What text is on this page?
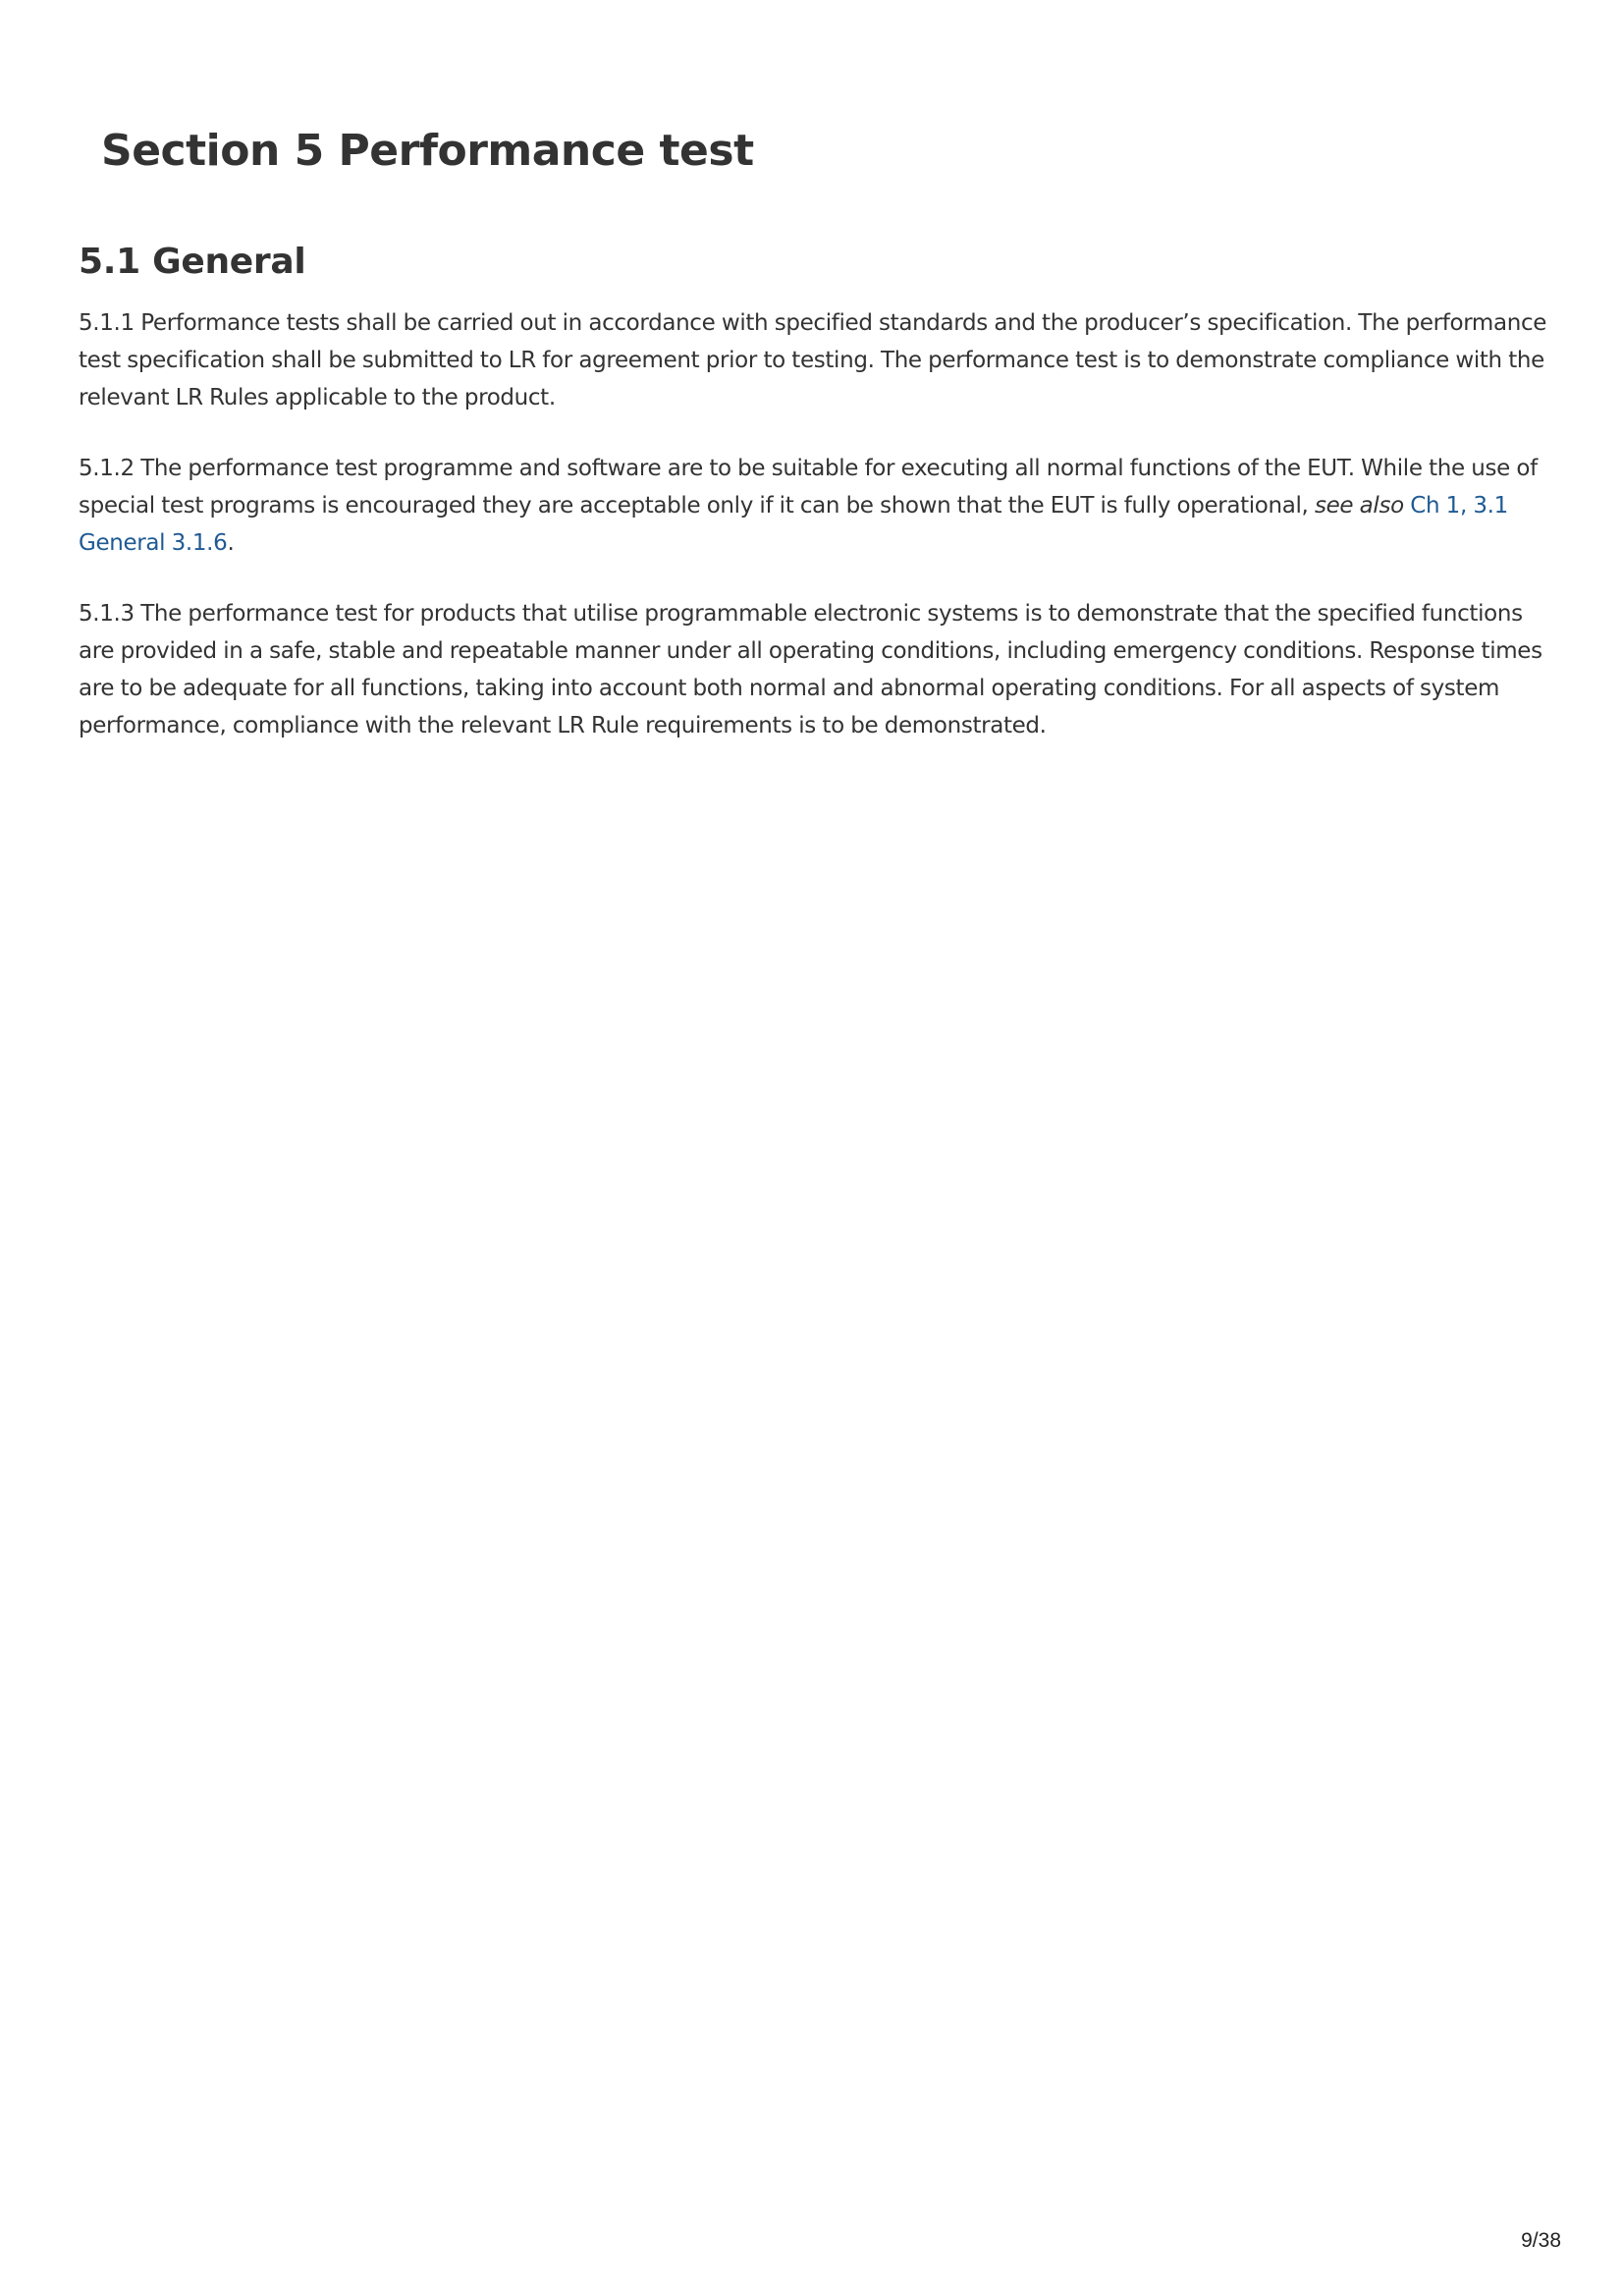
Section 5 Performance test
5.1 General

5.1.1 Performance tests shall be carried out in accordance with specified standards and the producer’s specification. The performance test specification shall be submitted to LR for agreement prior to testing. The performance test is to demonstrate compliance with the relevant LR Rules applicable to the product.

5.1.2 The performance test programme and software are to be suitable for executing all normal functions of the EUT. While the use of special test programs is encouraged they are acceptable only if it can be shown that the EUT is fully operational, see also Ch 1, 3.1 General 3.1.6.

5.1.3 The performance test for products that utilise programmable electronic systems is to demonstrate that the specified functions are provided in a safe, stable and repeatable manner under all operating conditions, including emergency conditions. Response times are to be adequate for all functions, taking into account both normal and abnormal operating conditions. For all aspects of system performance, compliance with the relevant LR Rule requirements is to be demonstrated.

9/38
